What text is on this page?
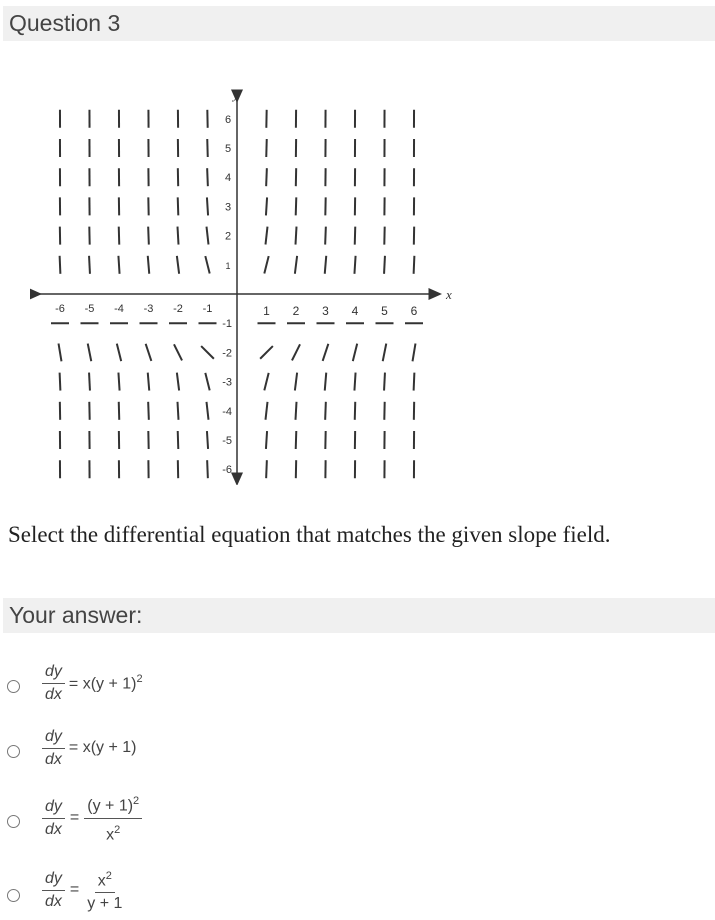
Question 3
x
y
-6 -5 -4 -3 -2 -1	1 2 3 4 5 6
6
5
4
3
2
1
-1
-2
-3
-4
-5
-6
Select the differential equation that matches the given slope field.
Your answer:
$\frac{dy}{dx} = x(y + 1)^2$
$\frac{dy}{dx} = x(y + 1)$
$\frac{dy}{dx} = \frac{(y + 1)^2}{x^2}$
$\frac{dy}{dx} = \frac{x^2}{y + 1}$
